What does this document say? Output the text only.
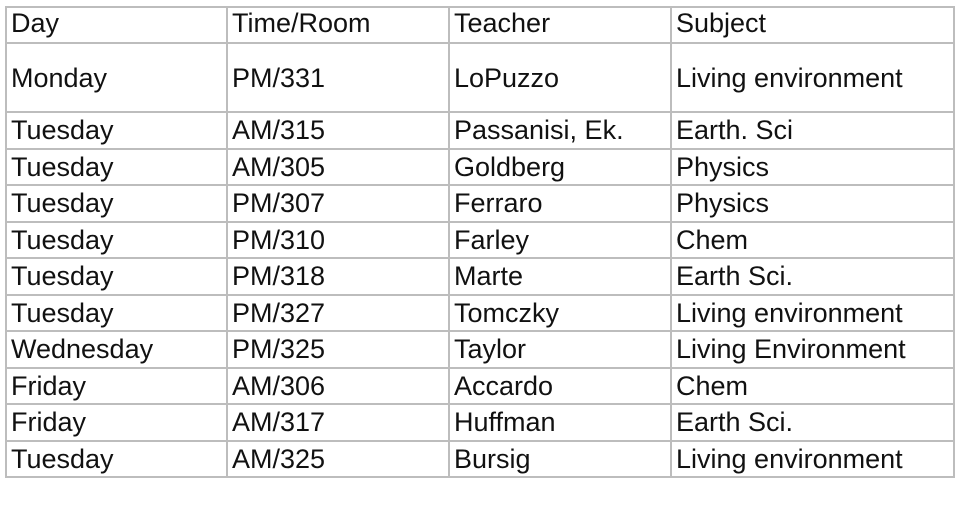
Day	Time/Room	Teacher	Subject
Monday	PM/331	LoPuzzo	Living environment
Tuesday	AM/315	Passanisi, Ek.	Earth. Sci
Tuesday	AM/305	Goldberg	Physics
Tuesday	PM/307	Ferraro	Physics
Tuesday	PM/310	Farley	Chem
Tuesday	PM/318	Marte	Earth Sci.
Tuesday	PM/327	Tomczky	Living environment
Wednesday	PM/325	Taylor	Living Environment
Friday	AM/306	Accardo	Chem
Friday	AM/317	Huffman	Earth Sci.
Tuesday	AM/325	Bursig	Living environment
